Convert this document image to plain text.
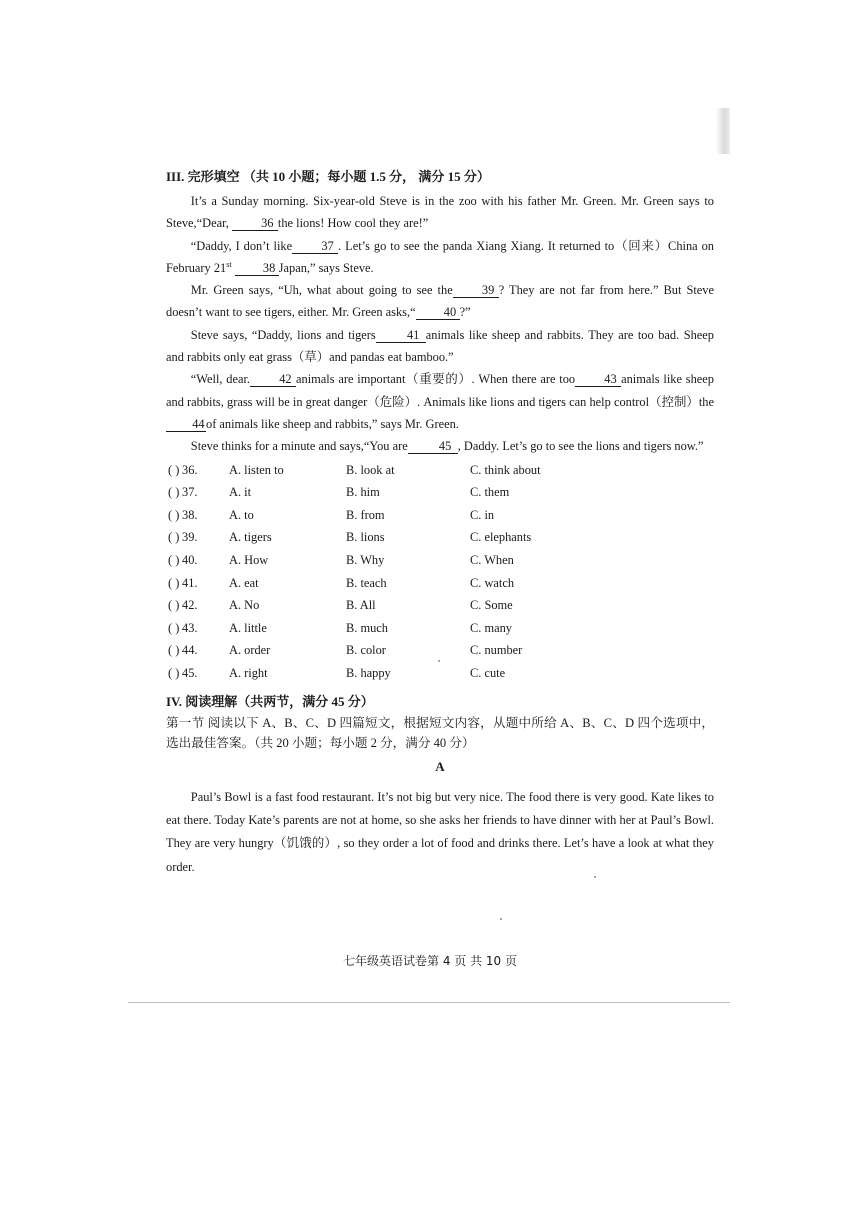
III. 完形填空 （共 10 小题；每小题 1.5 分， 满分 15 分）

It’s a Sunday morning. Six-year-old Steve is in the zoo with his father Mr. Green. Mr. Green says to Steve,“Dear, 36 the lions! How cool they are!”

“Daddy, I don’t like 37 . Let’s go to see the panda Xiang Xiang. It returned to（回来）China on February 21st	38 Japan,” says Steve.

Mr. Green says, “Uh, what about going to see the 39 ? They are not far from here.” But Steve doesn’t want to see tigers, either. Mr. Green asks,“ 40 ?”

Steve says, “Daddy, lions and tigers	41 animals like sheep and rabbits. They are too bad. Sheep and rabbits only eat grass（草）and pandas eat bamboo.”

“Well, dear. 42 animals are important（重要的）. When there are too 43 animals like sheep and rabbits, grass will be in great danger（危险）. Animals like lions and tigers can help control（控制）the44of animals like sheep and rabbits,” says Mr. Green.

Steve thinks for a minute and says,“You are	45 , Daddy. Let’s go to see the lions and tigers now.”

( ) 36.	A. listen to	B. look at	C. think about
( ) 37.	A. it	B. him	C. them
( ) 38.	A. to	B. from	C. in
( ) 39.	A. tigers	B. lions	C. elephants
( ) 40.	A. How	B. Why	C. When
( ) 41.	A. eat	B. teach	C. watch
( ) 42.	A. No	B. All	C. Some
( ) 43.	A. little	B. much	C. many
( ) 44.	A. order	B. color	C. number
( ) 45.	A. right	B. happy	C. cute

IV. 阅读理解（共两节，满分 45 分）

第一节 阅读以下 A、B、C、D 四篇短文，根据短文内容，从题中所给 A、B、C、D 四个选项中，选出最佳答案。（共 20 小题；每小题 2 分，满分 40 分）

A

Paul’s Bowl is a fast food restaurant. It’s not big but very nice. The food there is very good. Kate likes to eat there. Today Kate’s parents are not at home, so she asks her friends to have dinner with her at Paul’s Bowl. They are very hungry（饥饿的）, so they order a lot of food and drinks there. Let’s have a look at what they order.

七年级英语试卷第 4 页 共 10 页
